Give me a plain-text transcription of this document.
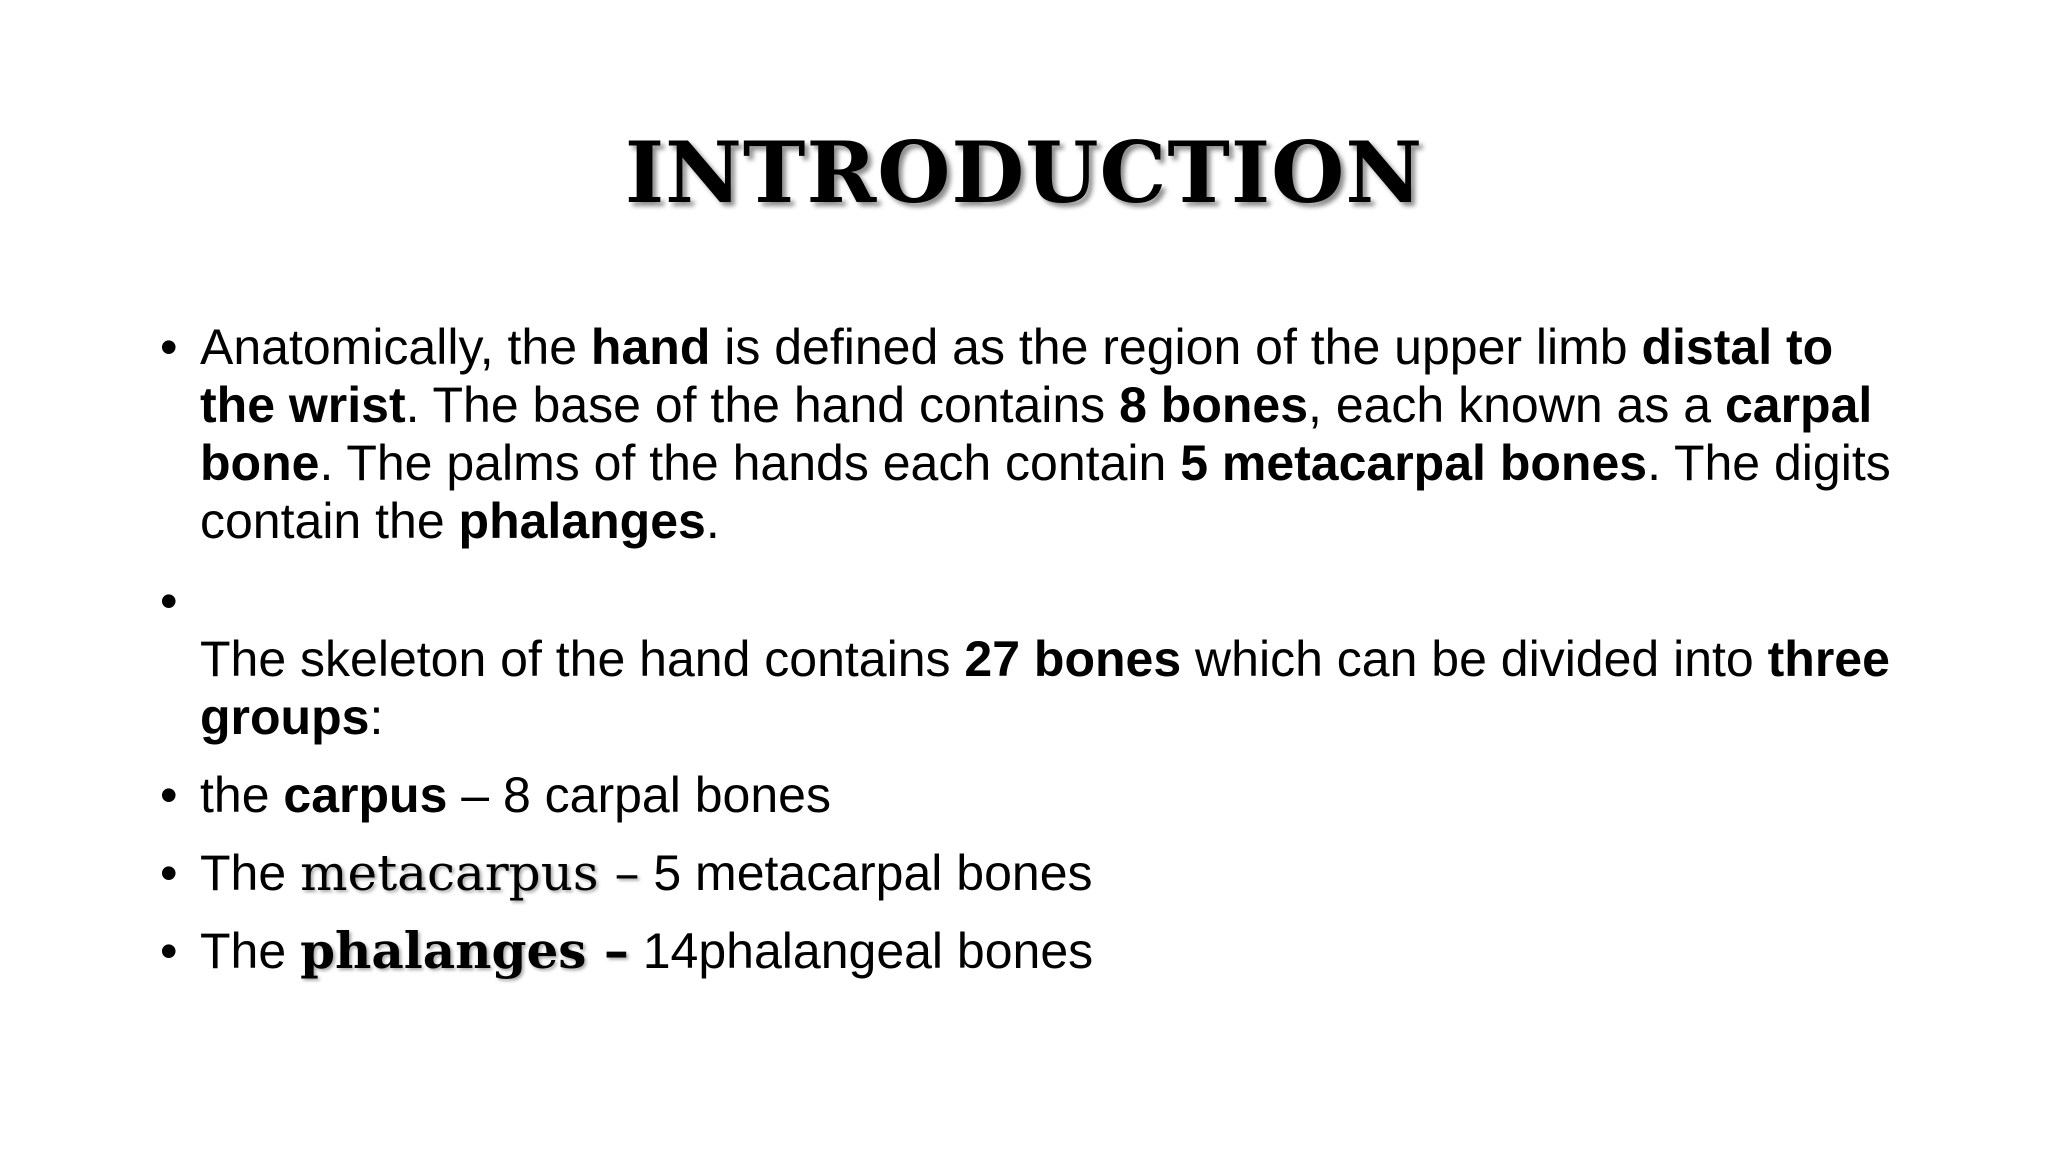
INTRODUCTION
• Anatomically, the hand is defined as the region of the upper limb distal to the wrist. The base of the hand contains 8 bones, each known as a carpal bone. The palms of the hands each contain 5 metacarpal bones. The digits contain the phalanges.
• The skeleton of the hand contains 27 bones which can be divided into three groups:
• the carpus – 8 carpal bones
• The metacarpus – 5 metacarpal bones
• The phalanges – 14phalangeal bones
